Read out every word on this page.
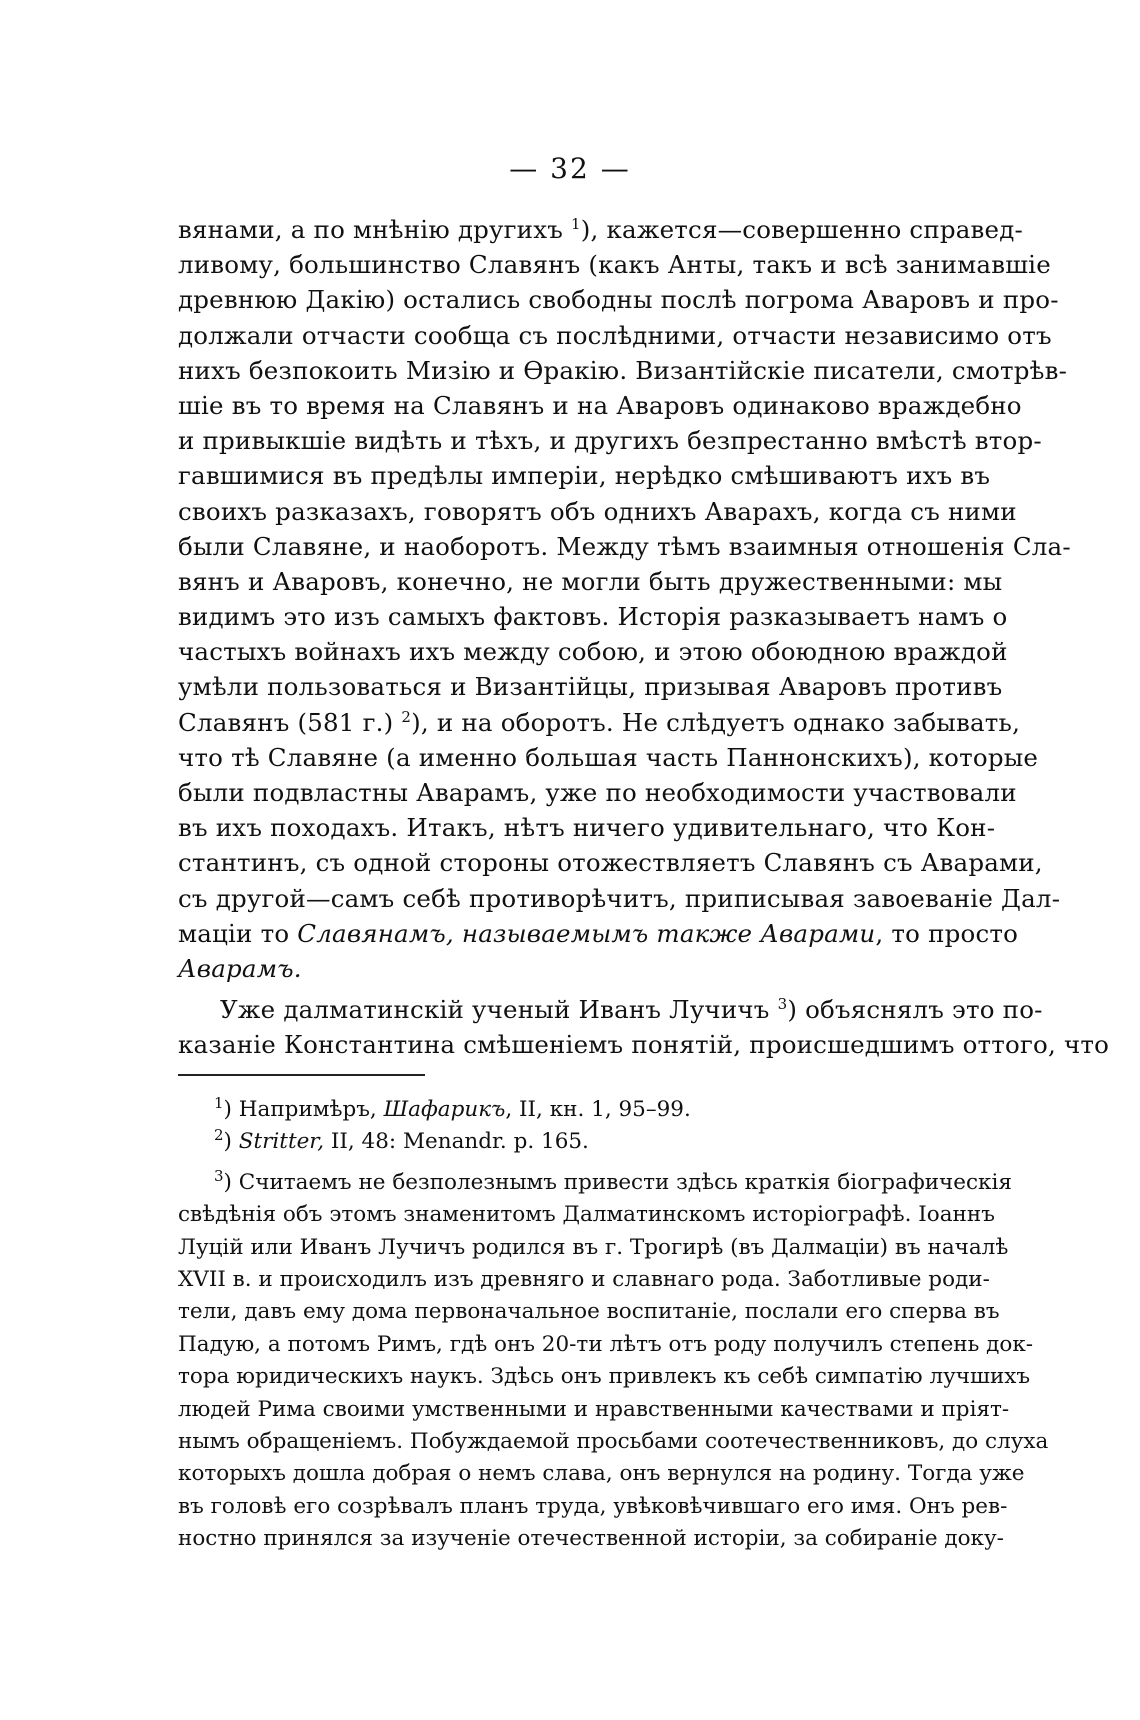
— 32 —
вянами, а по мнѣнію другихъ $^1$), кажется—совершенно справед-
ливому, большинство Славянъ (какъ Анты, такъ и всѣ занимавшіе
древнюю Дакію) остались свободны послѣ погрома Аваровъ и про-
должали отчасти сообща съ послѣдними, отчасти независимо отъ
нихъ безпокоить Мизію и Ѳракію. Византійскіе писатели, смотрѣв-
шіе въ то время на Славянъ и на Аваровъ одинаково враждебно
и привыкшіе видѣть и тѣхъ, и другихъ безпрестанно вмѣстѣ втор-
гавшимися въ предѣлы имперіи, нерѣдко смѣшиваютъ ихъ въ
своихъ разказахъ, говорятъ объ однихъ Аварахъ, когда съ ними
были Славяне, и наоборотъ. Между тѣмъ взаимныя отношенія Сла-
вянъ и Аваровъ, конечно, не могли быть дружественными: мы
видимъ это изъ самыхъ фактовъ. Исторія разказываетъ намъ о
частыхъ войнахъ ихъ между собою, и этою обоюдною враждой
умѣли пользоваться и Византійцы, призывая Аваровъ противъ
Славянъ (581 г.) $^2$), и на оборотъ. Не слѣдуетъ однако забывать,
что тѣ Славяне (а именно большая часть Паннонскихъ), которые
были подвластны Аварамъ, уже по необходимости участвовали
въ ихъ походахъ. Итакъ, нѣтъ ничего удивительнаго, что Кон-
стантинъ, съ одной стороны отожествляетъ Славянъ съ Аварами,
съ другой—самъ себѣ противорѣчитъ, приписывая завоеваніе Дал-
маціи то Славянамъ, называемымъ также Аварами, то просто
Аварамъ.
Уже далматинскій ученый Иванъ Лучичъ $^3$) объяснялъ это по-
казаніе Константина смѣшеніемъ понятій, происшедшимъ оттого, что
$^1$) Напримѣръ, Шафарикъ, II, кн. 1, 95–99.
$^2$) Stritter, II, 48: Menandr. p. 165.
$^3$) Считаемъ не безполезнымъ привести здѣсь краткія біографическія
свѣдѣнія объ этомъ знаменитомъ Далматинскомъ исторіографѣ. Іоаннъ
Луцій или Иванъ Лучичъ родился въ г. Трогирѣ (въ Далмаціи) въ началѣ
XVII в. и происходилъ изъ древняго и славнаго рода. Заботливые роди-
тели, давъ ему дома первоначальное воспитаніе, послали его сперва въ
Падую, а потомъ Римъ, гдѣ онъ 20-ти лѣтъ отъ роду получилъ степень док-
тора юридическихъ наукъ. Здѣсь онъ привлекъ къ себѣ симпатію лучшихъ
людей Рима своими умственными и нравственными качествами и пріят-
нымъ обращеніемъ. Побуждаемой просьбами соотечественниковъ, до слуха
которыхъ дошла добрая о немъ слава, онъ вернулся на родину. Тогда уже
въ головѣ его созрѣвалъ планъ труда, увѣковѣчившаго его имя. Онъ рев-
ностно принялся за изученіе отечественной исторіи, за собираніе доку-
